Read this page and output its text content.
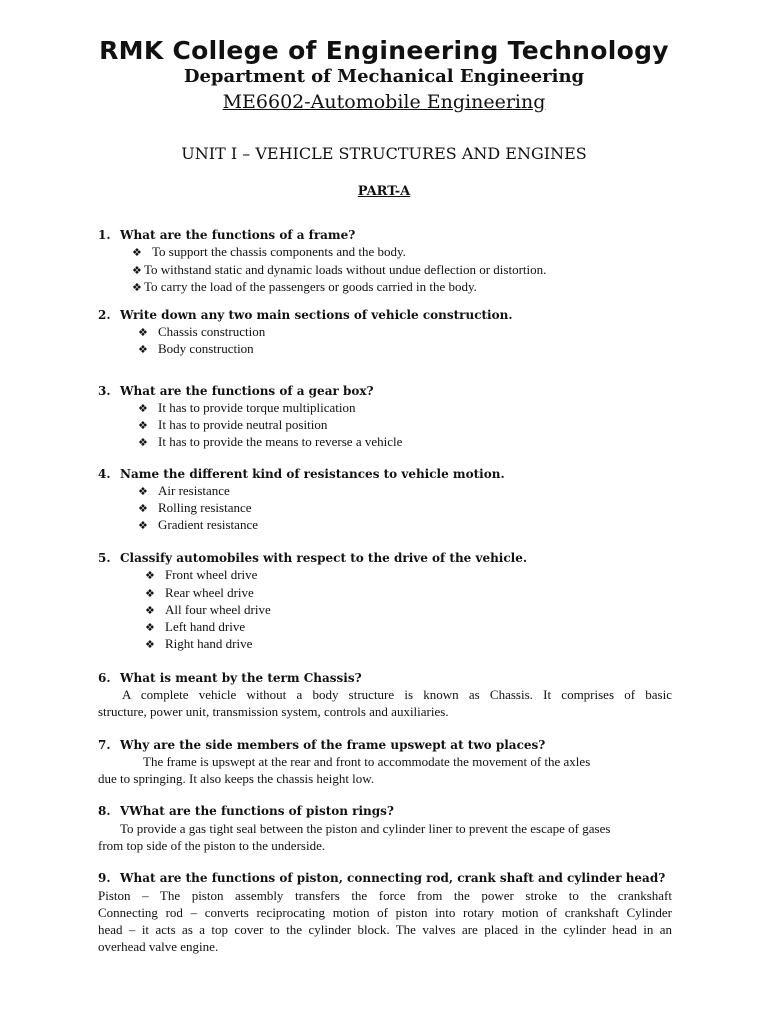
RMK College of Engineering Technology
Department of Mechanical Engineering
ME6602-Automobile Engineering
UNIT I – VEHICLE STRUCTURES AND ENGINES
PART-A
1. What are the functions of a frame?
❖ To support the chassis components and the body.
❖ To withstand static and dynamic loads without undue deflection or distortion.
❖ To carry the load of the passengers or goods carried in the body.
2. Write down any two main sections of vehicle construction.
❖ Chassis construction
❖ Body construction
3. What are the functions of a gear box?
❖ It has to provide torque multiplication
❖ It has to provide neutral position
❖ It has to provide the means to reverse a vehicle
4. Name the different kind of resistances to vehicle motion.
❖ Air resistance
❖ Rolling resistance
❖ Gradient resistance
5. Classify automobiles with respect to the drive of the vehicle.
❖ Front wheel drive
❖ Rear wheel drive
❖ All four wheel drive
❖ Left hand drive
❖ Right hand drive
6. What is meant by the term Chassis?
A complete vehicle without a body structure is known as Chassis. It comprises of basic
structure, power unit, transmission system, controls and auxiliaries.
7. Why are the side members of the frame upswept at two places?
The frame is upswept at the rear and front to accommodate the movement of the axles
due to springing. It also keeps the chassis height low.
8. VWhat are the functions of piston rings?
To provide a gas tight seal between the piston and cylinder liner to prevent the escape of gases
from top side of the piston to the underside.
9. What are the functions of piston, connecting rod, crank shaft and cylinder head?
Piston – The piston assembly transfers the force from the power stroke to the crankshaft
Connecting rod – converts reciprocating motion of piston into rotary motion of crankshaft Cylinder
head – it acts as a top cover to the cylinder block. The valves are placed in the cylinder head in an
overhead valve engine.
